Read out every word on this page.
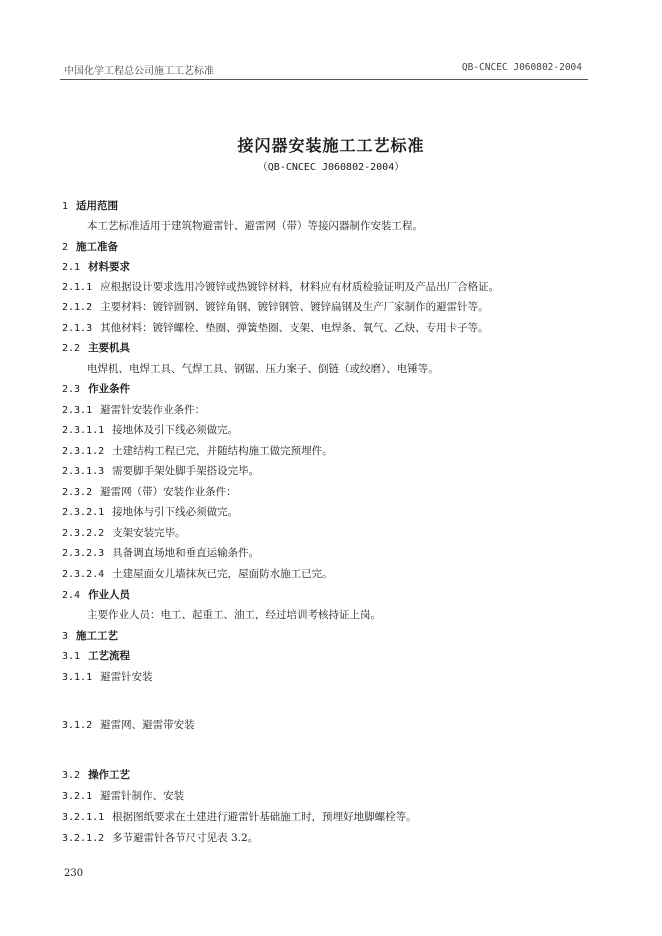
中国化学工程总公司施工工艺标准	QB-CNCEC J060802-2004
接闪器安装施工工艺标准
（QB-CNCEC J060802-2004）
1 适用范围
本工艺标准适用于建筑物避雷针、避雷网（带）等接闪器制作安装工程。
2 施工准备
2.1 材料要求
2.1.1 应根据设计要求选用冷镀锌或热镀锌材料，材料应有材质检验证明及产品出厂合格证。
2.1.2 主要材料：镀锌圆钢、镀锌角钢、镀锌钢管、镀锌扁钢及生产厂家制作的避雷针等。
2.1.3 其他材料：镀锌螺栓、垫圈、弹簧垫圈、支架、电焊条、氧气、乙炔、专用卡子等。
2.2 主要机具
电焊机、电焊工具、气焊工具、钢锯、压力案子、倒链（或绞磨）、电锤等。
2.3 作业条件
2.3.1 避雷针安装作业条件：
2.3.1.1 接地体及引下线必须做完。
2.3.1.2 土建结构工程已完，并随结构施工做完预埋件。
2.3.1.3 需要脚手架处脚手架搭设完毕。
2.3.2 避雷网（带）安装作业条件：
2.3.2.1 接地体与引下线必须做完。
2.3.2.2 支架安装完毕。
2.3.2.3 具备调直场地和垂直运输条件。
2.3.2.4 土建屋面女儿墙抹灰已完，屋面防水施工已完。
2.4 作业人员
主要作业人员：电工、起重工、油工，经过培训考核持证上岗。
3 施工工艺
3.1 工艺流程
3.1.1 避雷针安装
3.1.2 避雷网、避雷带安装
3.2 操作工艺
3.2.1 避雷针制作、安装
3.2.1.1 根据图纸要求在土建进行避雷针基础施工时，预埋好地脚螺栓等。
3.2.1.2 多节避雷针各节尺寸见表 3.2。
230
